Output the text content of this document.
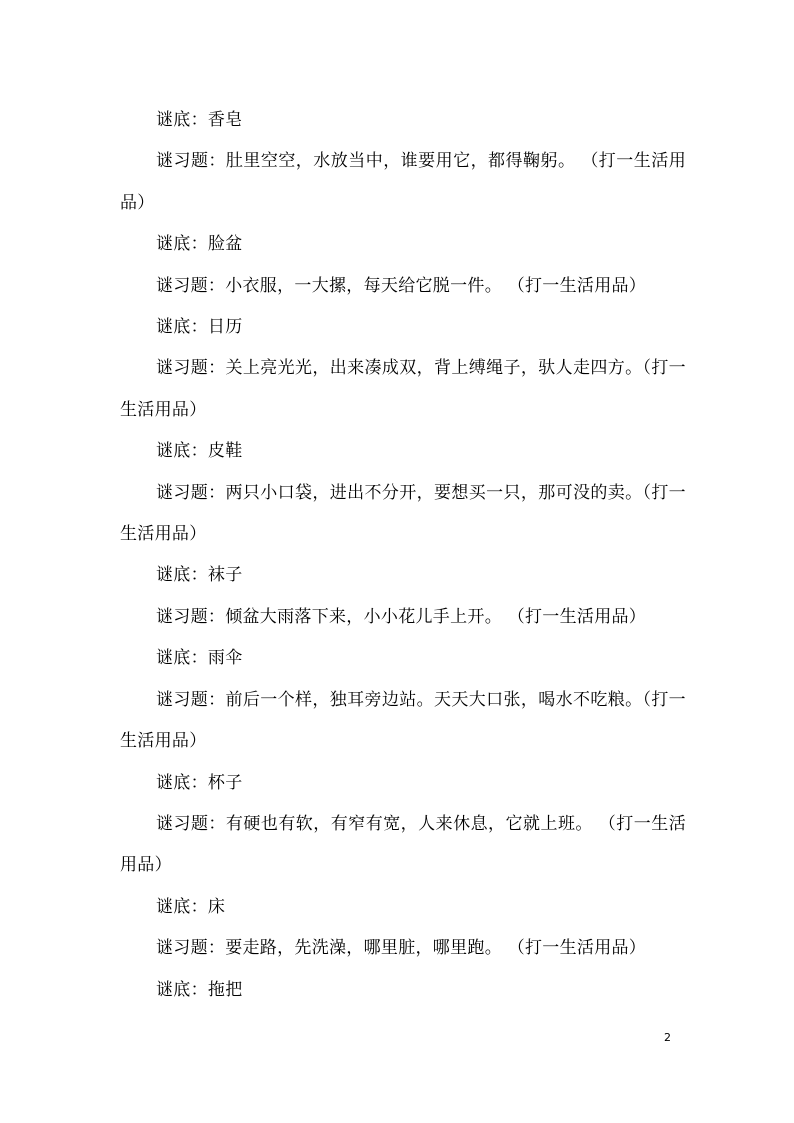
谜底：香皂

谜习题：肚里空空，水放当中，谁要用它，都得鞠躬。 （打一生活用品）

谜底：脸盆

谜习题：小衣服，一大摞，每天给它脱一件。 （打一生活用品）

谜底：日历

谜习题：关上亮光光，出来凑成双，背上缚绳子，驮人走四方。（打一生活用品）

谜底：皮鞋

谜习题：两只小口袋，进出不分开，要想买一只，那可没的卖。（打一生活用品）

谜底：袜子

谜习题：倾盆大雨落下来，小小花儿手上开。 （打一生活用品）

谜底：雨伞

谜习题：前后一个样，独耳旁边站。天天大口张，喝水不吃粮。（打一生活用品）

谜底：杯子

谜习题：有硬也有软，有窄有宽，人来休息，它就上班。 （打一生活用品）

谜底：床

谜习题：要走路，先洗澡，哪里脏，哪里跑。 （打一生活用品）

谜底：拖把

2
